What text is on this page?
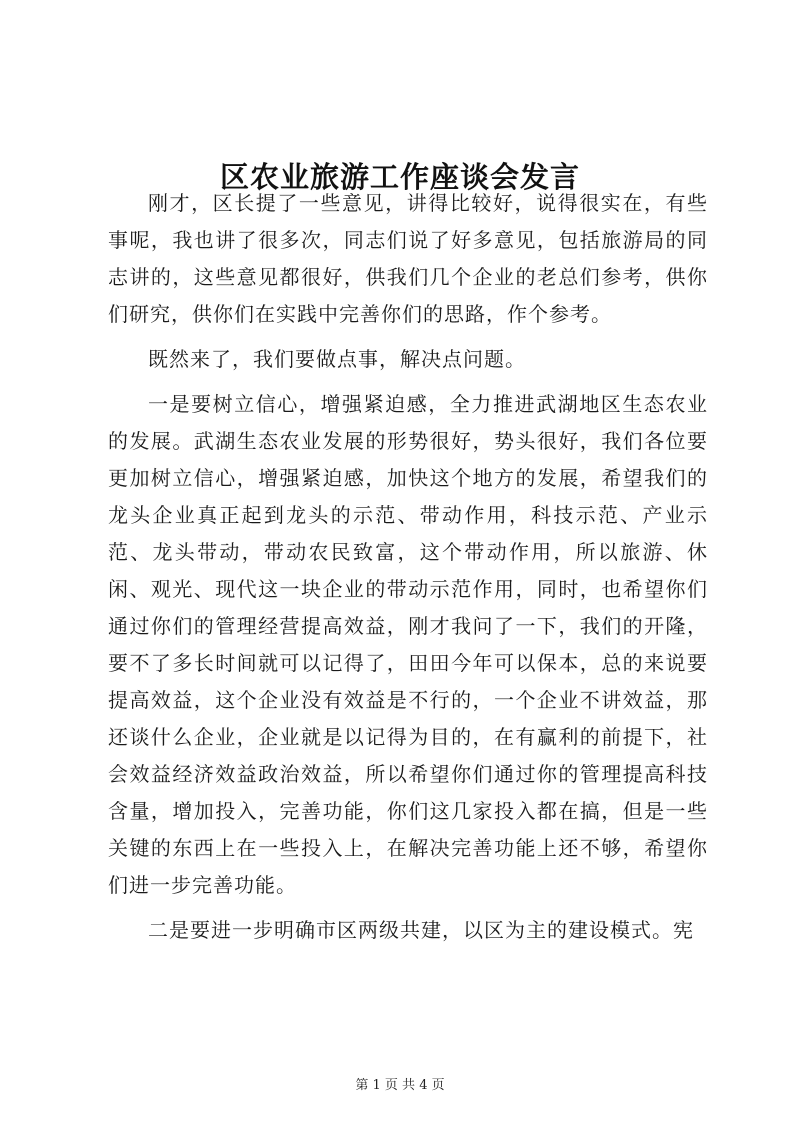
区农业旅游工作座谈会发言

刚才，区长提了一些意见，讲得比较好，说得很实在，有些事呢，我也讲了很多次，同志们说了好多意见，包括旅游局的同志讲的，这些意见都很好，供我们几个企业的老总们参考，供你们研究，供你们在实践中完善你们的思路，作个参考。

既然来了，我们要做点事，解决点问题。

一是要树立信心，增强紧迫感，全力推进武湖地区生态农业的发展。武湖生态农业发展的形势很好，势头很好，我们各位要更加树立信心，增强紧迫感，加快这个地方的发展，希望我们的龙头企业真正起到龙头的示范、带动作用，科技示范、产业示范、龙头带动，带动农民致富，这个带动作用，所以旅游、休闲、观光、现代这一块企业的带动示范作用，同时，也希望你们通过你们的管理经营提高效益，刚才我问了一下，我们的开隆，要不了多长时间就可以记得了，田田今年可以保本，总的来说要提高效益，这个企业没有效益是不行的，一个企业不讲效益，那还谈什么企业，企业就是以记得为目的，在有赢利的前提下，社会效益经济效益政治效益，所以希望你们通过你的管理提高科技含量，增加投入，完善功能，你们这几家投入都在搞，但是一些关键的东西上在一些投入上，在解决完善功能上还不够，希望你们进一步完善功能。

二是要进一步明确市区两级共建，以区为主的建设模式。宪

第 1 页 共 4 页
